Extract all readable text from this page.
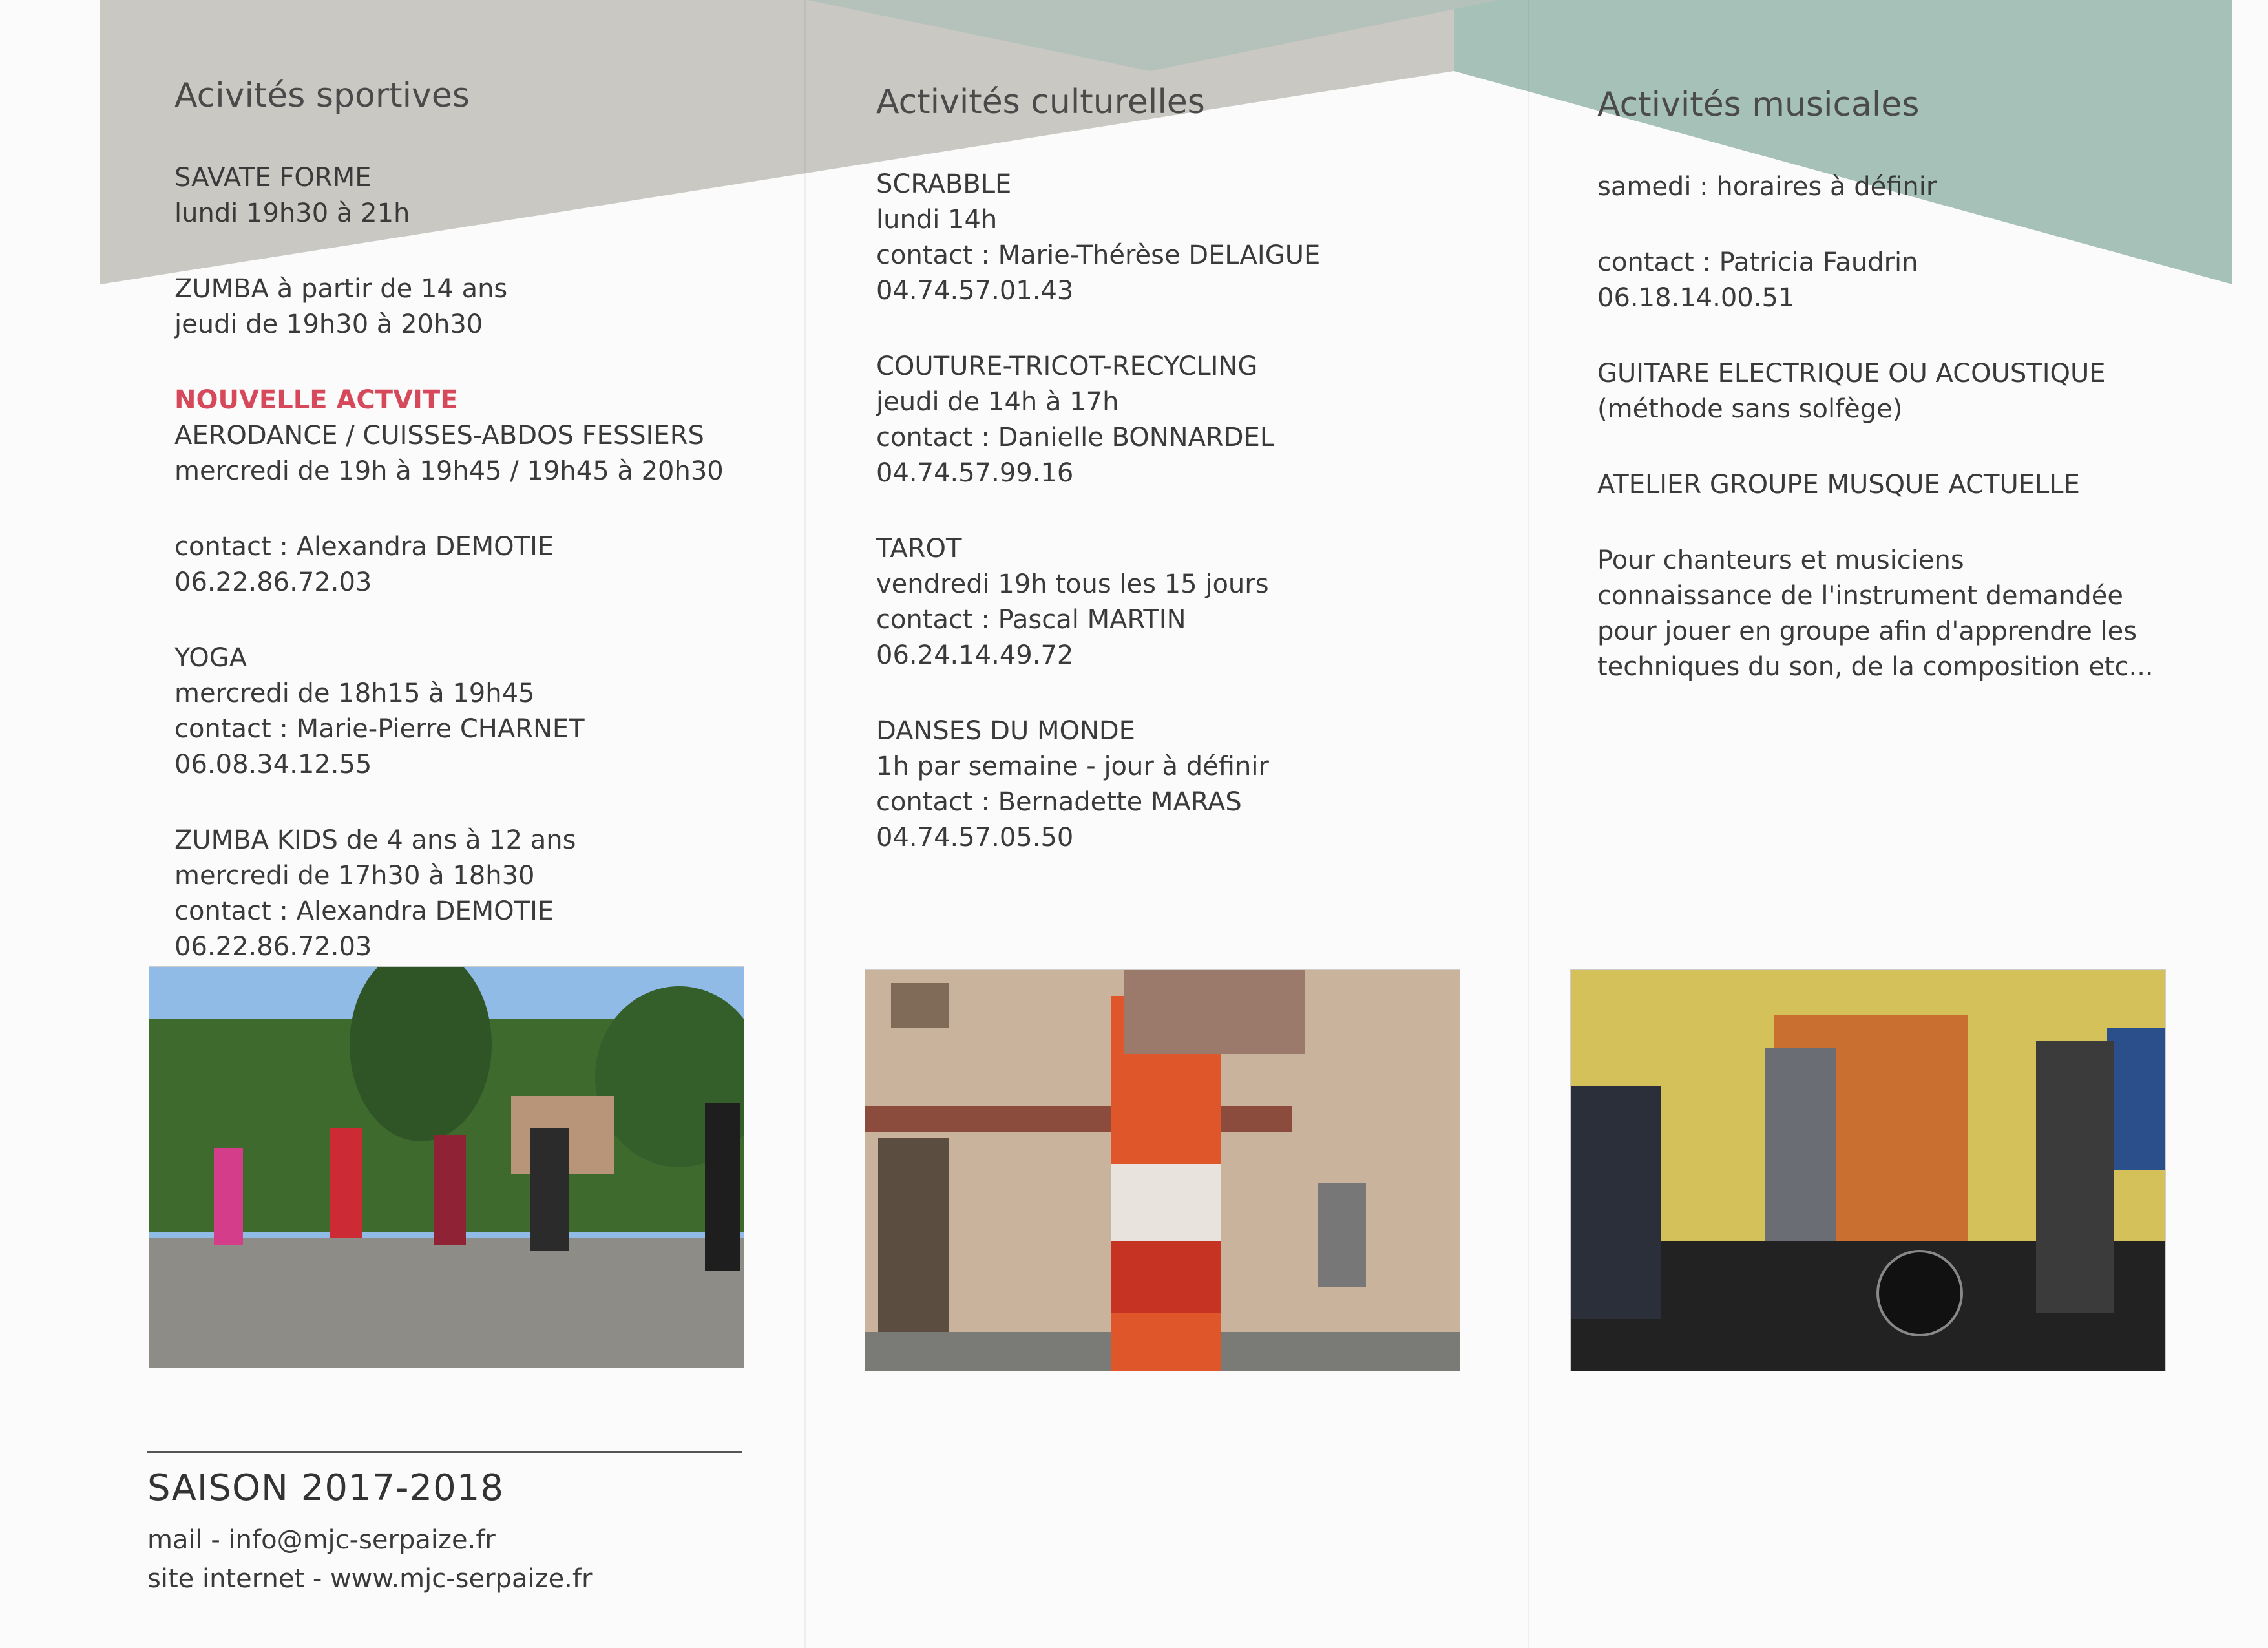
Acivités sportives
SAVATE FORME
lundi 19h30 à 21h
ZUMBA à partir de 14 ans
jeudi de 19h30 à 20h30
NOUVELLE ACTVITE
AERODANCE / CUISSES-ABDOS FESSIERS
mercredi de 19h à 19h45 / 19h45 à 20h30
contact : Alexandra DEMOTIE
06.22.86.72.03
YOGA
mercredi de 18h15 à 19h45
contact : Marie-Pierre CHARNET
06.08.34.12.55
ZUMBA KIDS de 4 ans à 12 ans
mercredi de 17h30 à 18h30
contact : Alexandra DEMOTIE
06.22.86.72.03
Activités culturelles
SCRABBLE
lundi 14h
contact : Marie-Thérèse DELAIGUE
04.74.57.01.43
COUTURE-TRICOT-RECYCLING
jeudi de 14h à 17h
contact : Danielle BONNARDEL
04.74.57.99.16
TAROT
vendredi 19h tous les 15 jours
contact : Pascal MARTIN
06.24.14.49.72
DANSES DU MONDE
1h par semaine - jour à définir
contact : Bernadette MARAS
04.74.57.05.50
Activités musicales
samedi : horaires à définir
contact : Patricia Faudrin
06.18.14.00.51
GUITARE ELECTRIQUE OU ACOUSTIQUE
(méthode sans solfège)
ATELIER GROUPE MUSQUE ACTUELLE
Pour chanteurs et musiciens
connaissance de l'instrument demandée
pour jouer en groupe afin d'apprendre les
techniques du son, de la composition etc...
SAISON 2017-2018
mail - info@mjc-serpaize.fr
site internet - www.mjc-serpaize.fr
